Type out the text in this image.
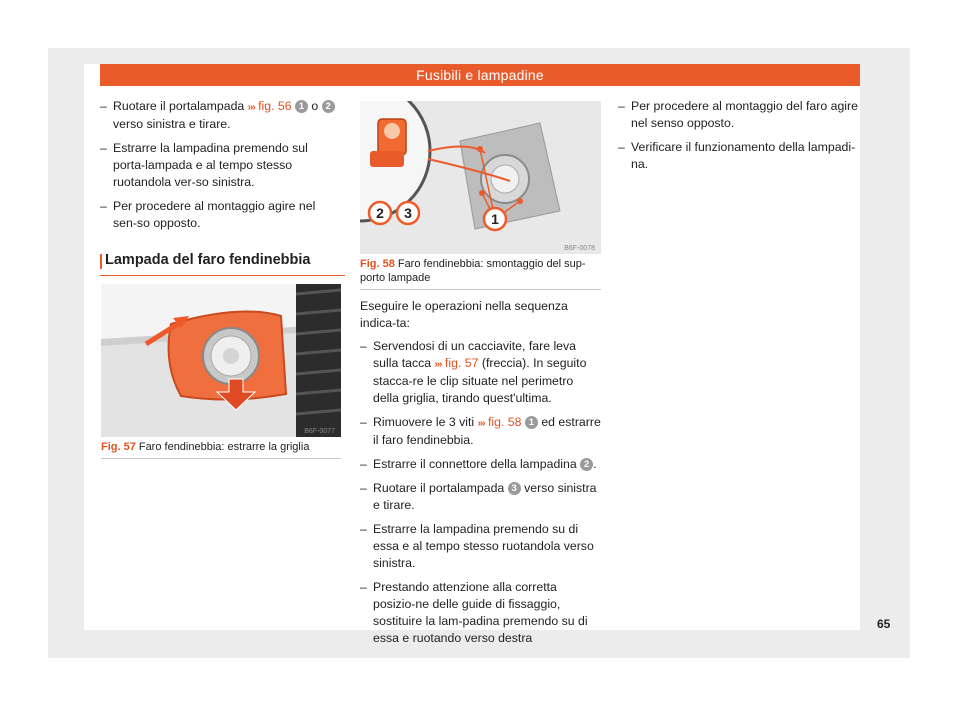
Fusibili e lampadine
– Ruotare il portalampada ››› fig. 56 1 o 2 verso sinistra e tirare.
– Estrarre la lampadina premendo sul porta-lampada e al tempo stesso ruotandola ver-so sinistra.
– Per procedere al montaggio agire nel sen-so opposto.
Lampada del faro fendinebbia
B6F-0077
Fig. 57 Faro fendinebbia: estrarre la griglia
1
2 3
B6F-0078
Fig. 58 Faro fendinebbia: smontaggio del sup-porto lampade
Eseguire le operazioni nella sequenza indica-ta:
– Servendosi di un cacciavite, fare leva sulla tacca ››› fig. 57 (freccia). In seguito stacca-re le clip situate nel perimetro della griglia, tirando quest'ultima.
– Rimuovere le 3 viti ››› fig. 58 1 ed estrarre il faro fendinebbia.
– Estrarre il connettore della lampadina 2 .
– Ruotare il portalampada 3 verso sinistra e tirare.
– Estrarre la lampadina premendo su di essa e al tempo stesso ruotandola verso sinistra.
– Prestando attenzione alla corretta posizio-ne delle guide di fissaggio, sostituire la lam-padina premendo su di essa e ruotando verso destra
– Per procedere al montaggio del faro agire nel senso opposto.
– Verificare il funzionamento della lampadi-na.
65
